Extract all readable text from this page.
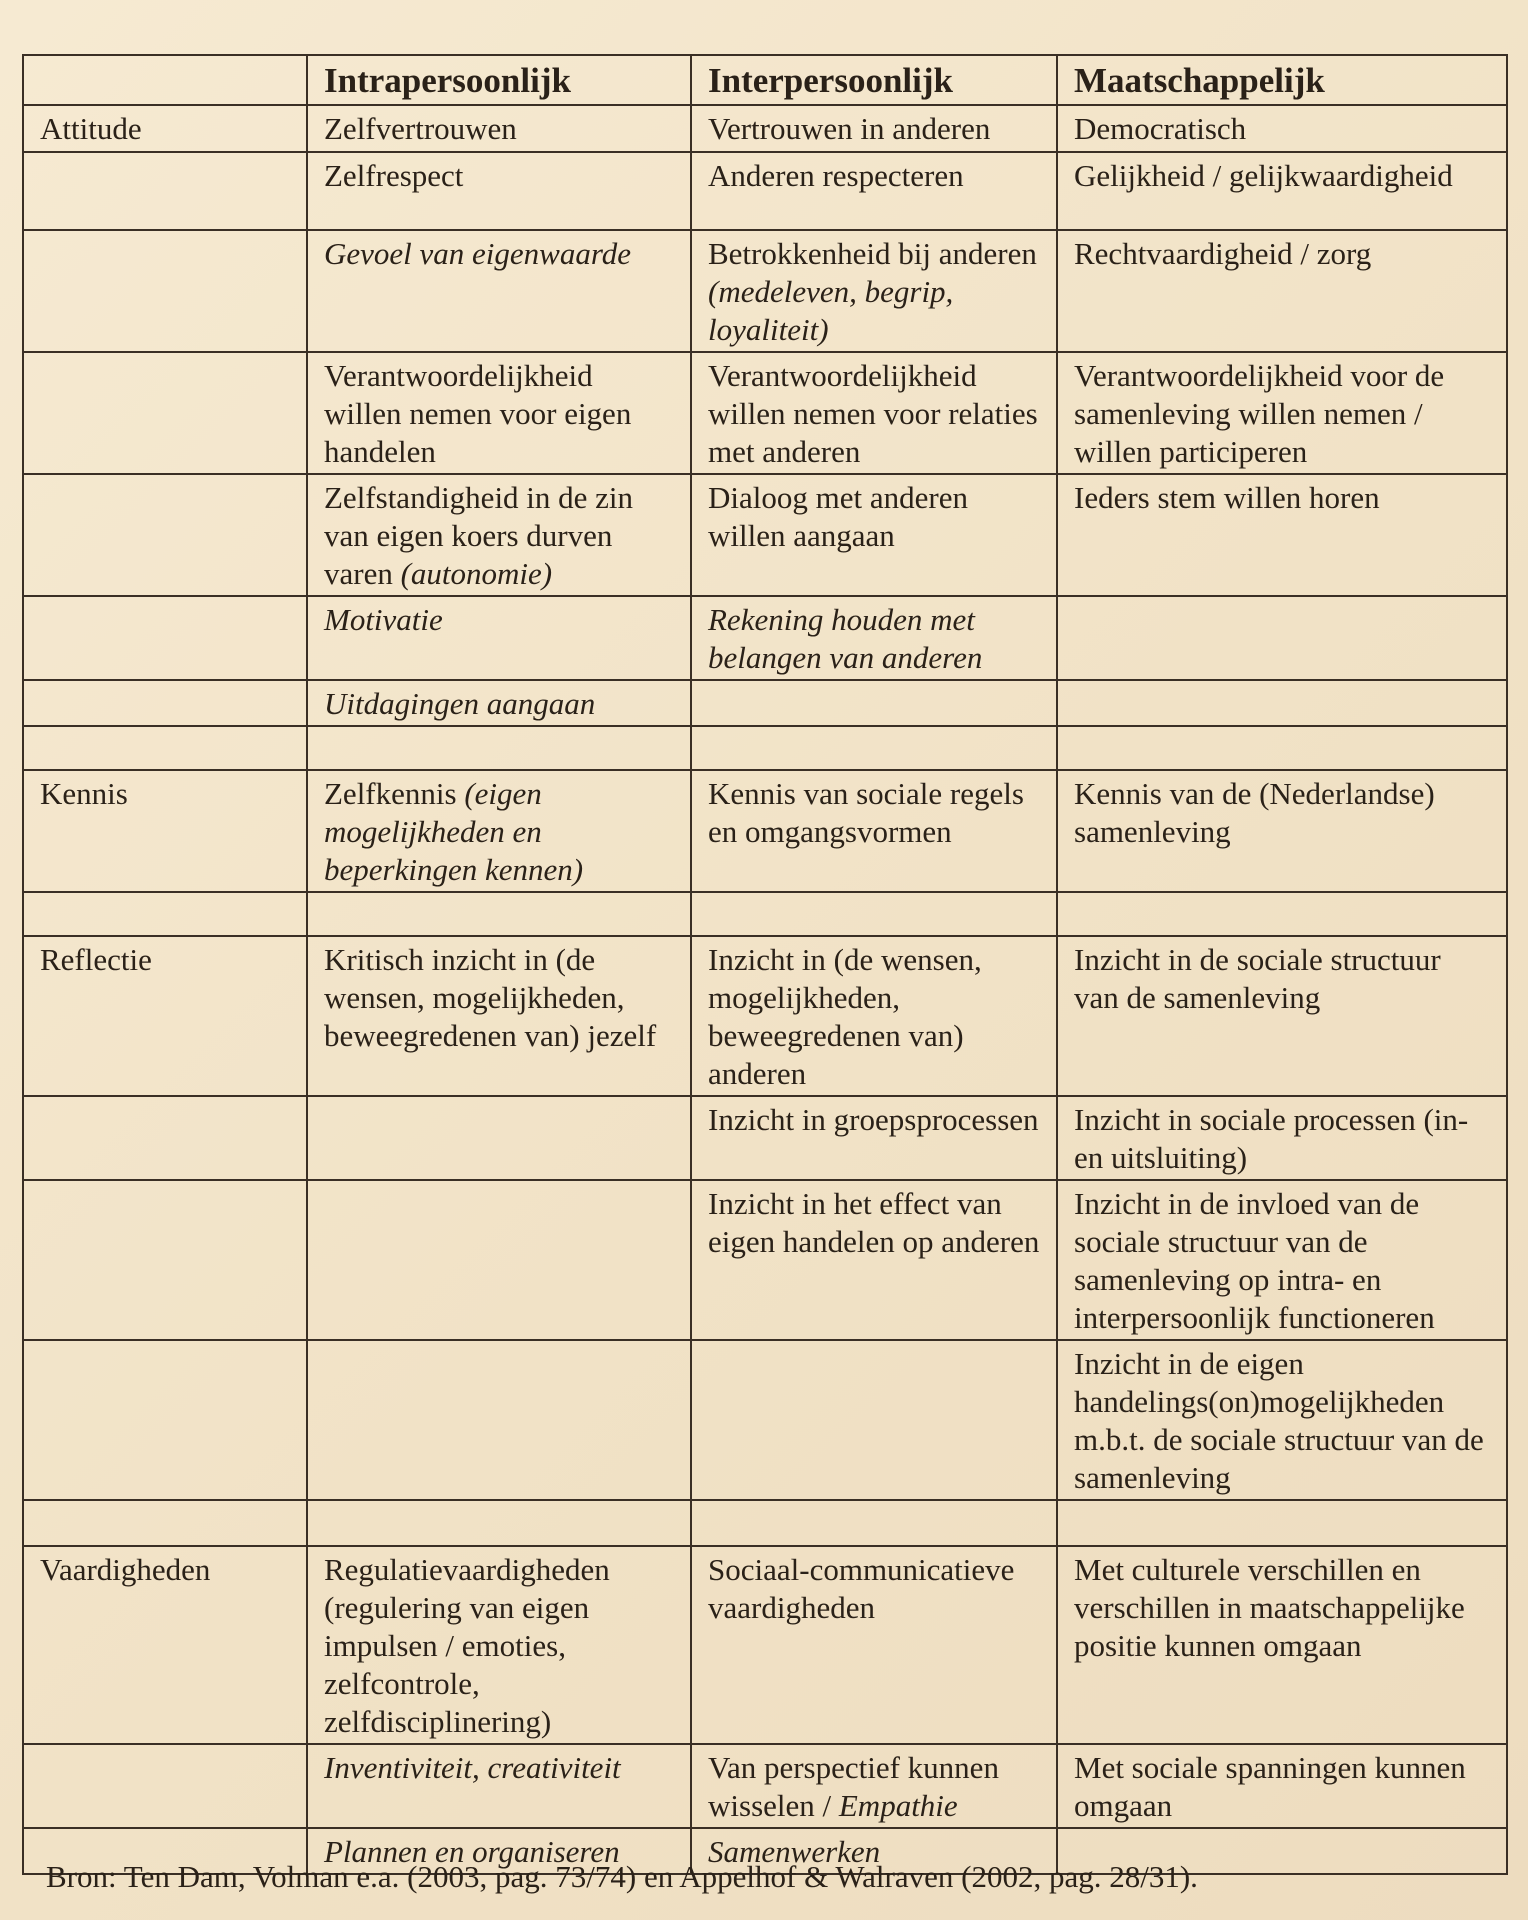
	Intrapersoonlijk	Interpersoonlijk	Maatschappelijk
Attitude	Zelfvertrouwen	Vertrouwen in anderen	Democratisch
	Zelfrespect	Anderen respecteren	Gelijkheid / gelijkwaardigheid
	Gevoel van eigenwaarde	Betrokkenheid bij anderen (medeleven, begrip, loyaliteit)	Rechtvaardigheid / zorg
	Verantwoordelijkheid willen nemen voor eigen handelen	Verantwoordelijkheid willen nemen voor relaties met anderen	Verantwoordelijkheid voor de samenleving willen nemen / willen participeren
	Zelfstandigheid in de zin van eigen koers durven varen (autonomie)	Dialoog met anderen willen aangaan	Ieders stem willen horen
	Motivatie	Rekening houden met belangen van anderen	
	Uitdagingen aangaan		

Kennis	Zelfkennis (eigen mogelijkheden en beperkingen kennen)	Kennis van sociale regels en omgangsvormen	Kennis van de (Nederlandse) samenleving

Reflectie	Kritisch inzicht in (de wensen, mogelijkheden, beweegredenen van) jezelf	Inzicht in (de wensen, mogelijkheden, beweegredenen van) anderen	Inzicht in de sociale structuur van de samenleving
		Inzicht in groepsprocessen	Inzicht in sociale processen (in- en uitsluiting)
		Inzicht in het effect van eigen handelen op anderen	Inzicht in de invloed van de sociale structuur van de samenleving op intra- en interpersoonlijk functioneren
			Inzicht in de eigen handelings(on)mogelijkheden m.b.t. de sociale structuur van de samenleving

Vaardigheden	Regulatievaardigheden (regulering van eigen impulsen / emoties, zelfcontrole, zelfdisciplinering)	Sociaal-communicatieve vaardigheden	Met culturele verschillen en verschillen in maatschappelijke positie kunnen omgaan
	Inventiviteit, creativiteit	Van perspectief kunnen wisselen / Empathie	Met sociale spanningen kunnen omgaan
	Plannen en organiseren	Samenwerken	
Bron: Ten Dam, Volman e.a. (2003, pag. 73/74) en Appelhof & Walraven (2002, pag. 28/31).
